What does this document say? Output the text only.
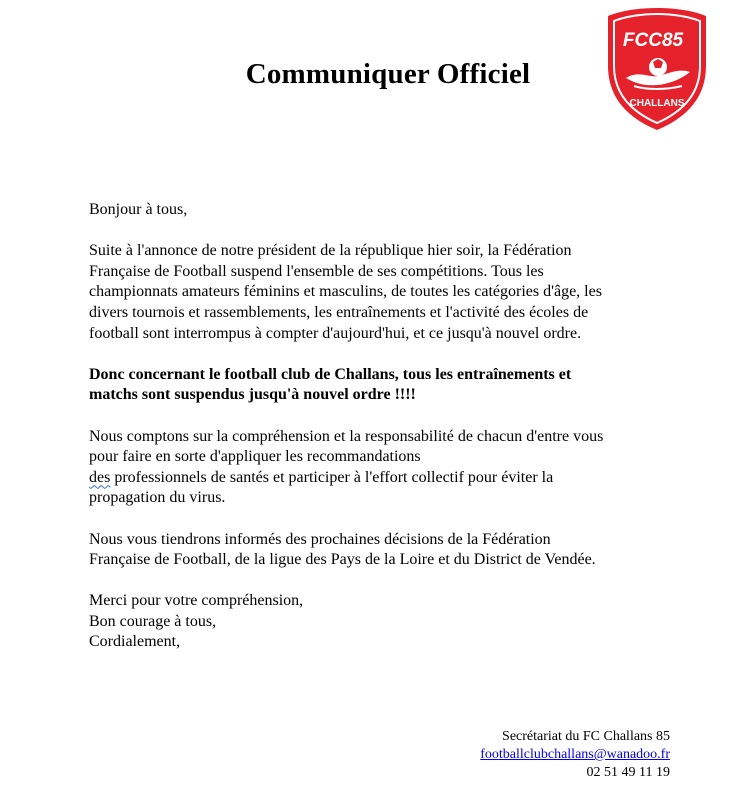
FCC85
CHALLANS
Communiquer Officiel

Bonjour à tous,

Suite à l'annonce de notre président de la république hier soir, la Fédération
Française de Football suspend l'ensemble de ses compétitions. Tous les
championnats amateurs féminins et masculins, de toutes les catégories d'âge, les
divers tournois et rassemblements, les entraînements et l'activité des écoles de
football sont interrompus à compter d'aujourd'hui, et ce jusqu'à nouvel ordre.

Donc concernant le football club de Challans, tous les entraînements et
matchs sont suspendus jusqu'à nouvel ordre !!!!

Nous comptons sur la compréhension et la responsabilité de chacun d'entre vous
pour faire en sorte d'appliquer les recommandations
des professionnels de santés et participer à l'effort collectif pour éviter la
propagation du virus.

Nous vous tiendrons informés des prochaines décisions de la Fédération
Française de Football, de la ligue des Pays de la Loire et du District de Vendée.

Merci pour votre compréhension,
Bon courage à tous,
Cordialement,

Secrétariat du FC Challans 85
footballclubchallans@wanadoo.fr
02 51 49 11 19
